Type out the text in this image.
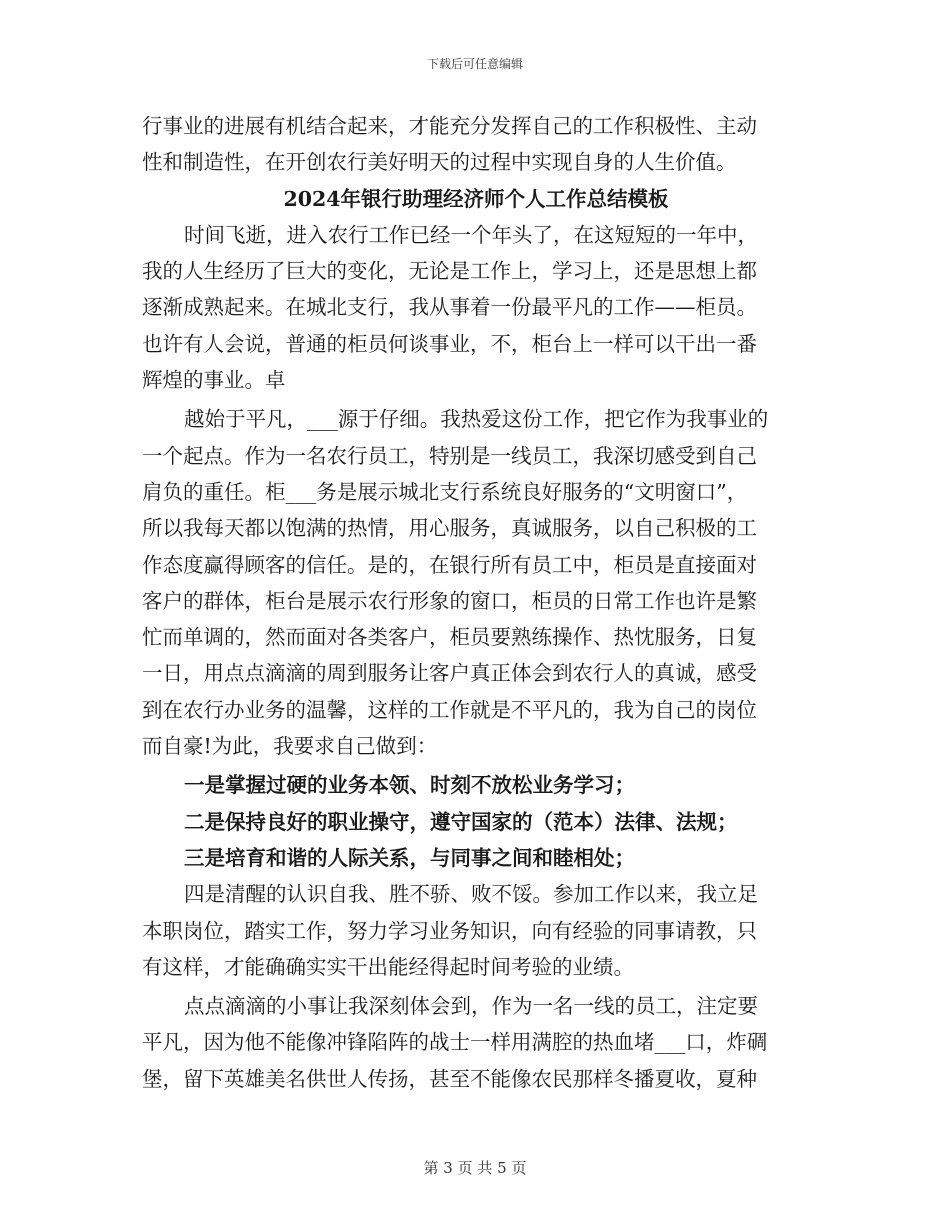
下载后可任意编辑
行事业的进展有机结合起来，才能充分发挥自己的工作积极性、主动
性和制造性，在开创农行美好明天的过程中实现自身的人生价值。
2024年银行助理经济师个人工作总结模板
时间飞逝，进入农行工作已经一个年头了，在这短短的一年中，
我的人生经历了巨大的变化，无论是工作上，学习上，还是思想上都
逐渐成熟起来。在城北支行，我从事着一份最平凡的工作——柜员。
也许有人会说，普通的柜员何谈事业，不，柜台上一样可以干出一番
辉煌的事业。卓
越始于平凡，___源于仔细。我热爱这份工作，把它作为我事业的
一个起点。作为一名农行员工，特别是一线员工，我深切感受到自己
肩负的重任。柜___务是展示城北支行系统良好服务的“文明窗口”，
所以我每天都以饱满的热情，用心服务，真诚服务，以自己积极的工
作态度赢得顾客的信任。是的，在银行所有员工中，柜员是直接面对
客户的群体，柜台是展示农行形象的窗口，柜员的日常工作也许是繁
忙而单调的，然而面对各类客户，柜员要熟练操作、热忱服务，日复
一日，用点点滴滴的周到服务让客户真正体会到农行人的真诚，感受
到在农行办业务的温馨，这样的工作就是不平凡的，我为自己的岗位
而自豪!为此，我要求自己做到：
一是掌握过硬的业务本领、时刻不放松业务学习；
二是保持良好的职业操守，遵守国家的（范本）法律、法规；
三是培育和谐的人际关系，与同事之间和睦相处；
四是清醒的认识自我、胜不骄、败不馁。参加工作以来，我立足
本职岗位，踏实工作，努力学习业务知识，向有经验的同事请教，只
有这样，才能确确实实干出能经得起时间考验的业绩。
点点滴滴的小事让我深刻体会到，作为一名一线的员工，注定要
平凡，因为他不能像冲锋陷阵的战士一样用满腔的热血堵___口，炸碉
堡，留下英雄美名供世人传扬，甚至不能像农民那样冬播夏收，夏种
第 3 页 共 5 页
